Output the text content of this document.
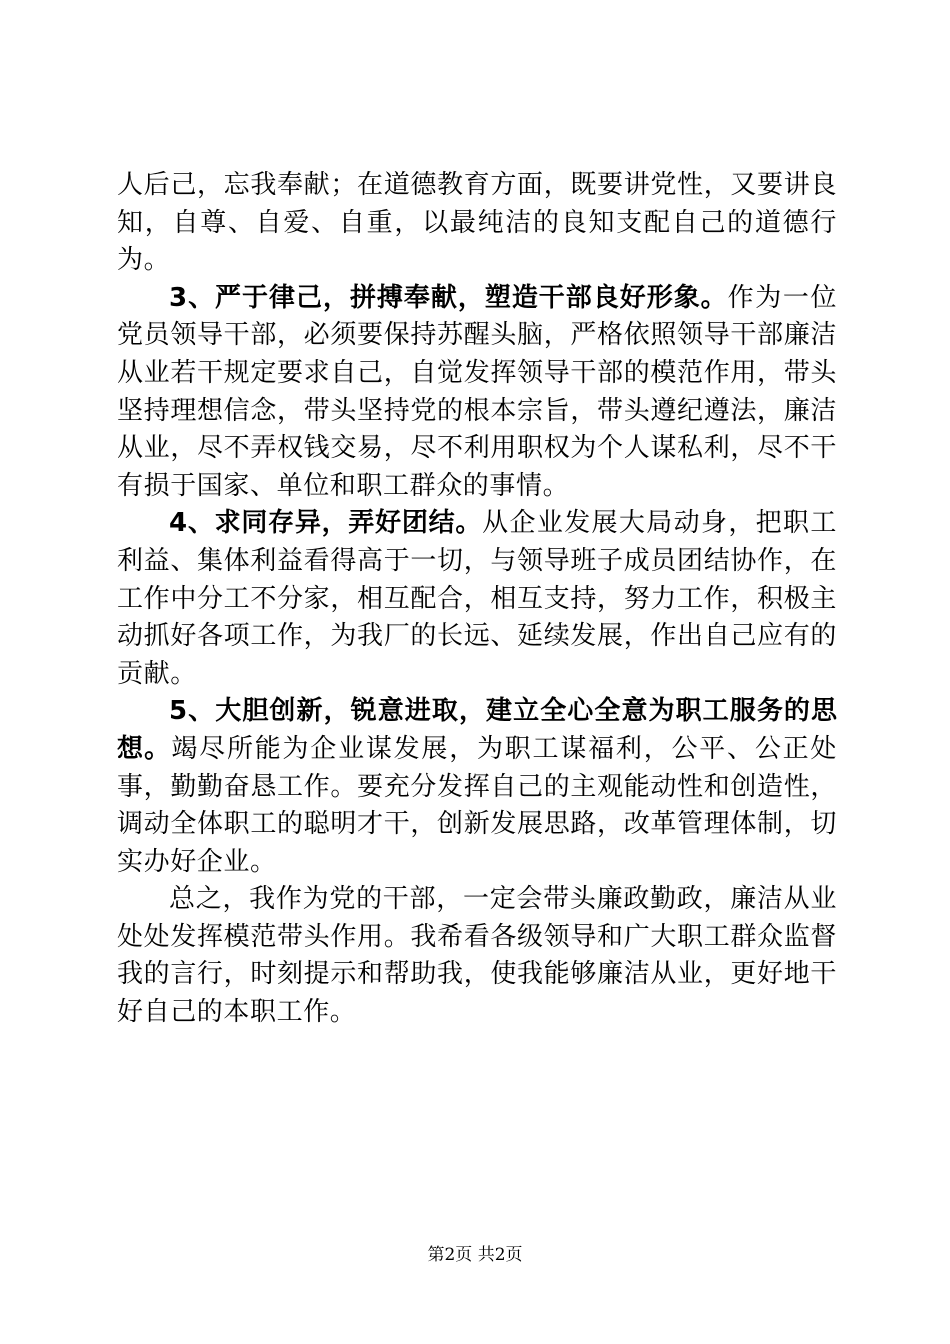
人后己，忘我奉献；在道德教育方面，既要讲党性，又要讲良知，自尊、自爱、自重，以最纯洁的良知支配自己的道德行为。

3、严于律己，拼搏奉献，塑造干部良好形象。作为一位党员领导干部，必须要保持苏醒头脑，严格依照领导干部廉洁从业若干规定要求自己，自觉发挥领导干部的模范作用，带头坚持理想信念，带头坚持党的根本宗旨，带头遵纪遵法，廉洁从业，尽不弄权钱交易，尽不利用职权为个人谋私利，尽不干有损于国家、单位和职工群众的事情。

4、求同存异，弄好团结。从企业发展大局动身，把职工利益、集体利益看得高于一切，与领导班子成员团结协作，在工作中分工不分家，相互配合，相互支持，努力工作，积极主动抓好各项工作，为我厂的长远、延续发展，作出自己应有的贡献。

5、大胆创新，锐意进取，建立全心全意为职工服务的思想。竭尽所能为企业谋发展，为职工谋福利，公平、公正处事，勤勤奋恳工作。要充分发挥自己的主观能动性和创造性，调动全体职工的聪明才干，创新发展思路，改革管理体制，切实办好企业。

总之，我作为党的干部，一定会带头廉政勤政，廉洁从业处处发挥模范带头作用。我希看各级领导和广大职工群众监督我的言行，时刻提示和帮助我，使我能够廉洁从业，更好地干好自己的本职工作。

第2页 共2页
